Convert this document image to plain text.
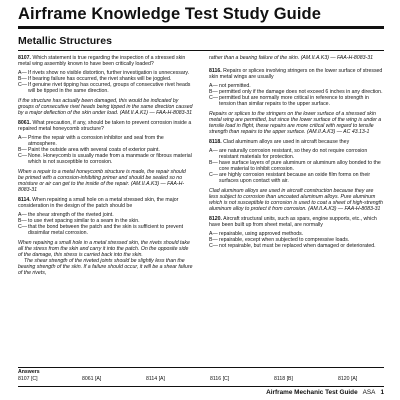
Airframe Knowledge Test Study Guide
Metallic Structures
8107. Which statement is true regarding the inspection of a stressed skin metal wing assembly known to have been critically loaded?
A— If rivets show no visible distortion, further investigation is unnecessary.
B— If bearing failure has occurred, the rivet shanks will be joggled.
C— If genuine rivet tipping has occurred, groups of consecutive rivet heads will be tipped in the same direction.
If the structure has actually been damaged, this would be indicated by groups of consecutive rivet heads being tipped in the same direction caused by a major deflection of the skin under load. (AM.II.A.K1) — FAA-H-8083-31
8061. What precaution, if any, should be taken to prevent corrosion inside a repaired metal honeycomb structure?
A— Prime the repair with a corrosion inhibitor and seal from the atmosphere.
B— Paint the outside area with several coats of exterior paint.
C— None. Honeycomb is usually made from a manmade or fibrous material which is not susceptible to corrosion.
When a repair to a metal honeycomb structure is made, the repair should be primed with a corrosion-inhibiting primer and should be sealed so no moisture or air can get to the inside of the repair. (AM.II.A.K3) — FAA-H-8083-31
8114. When repairing a small hole on a metal stressed skin, the major consideration in the design of the patch should be
A— the shear strength of the riveted joint.
B— to use rivet spacing similar to a seam in the skin.
C— that the bond between the patch and the skin is sufficient to prevent dissimilar metal corrosion.
When repairing a small hole in a metal stressed skin, the rivets should take all the stress from the skin and carry it into the patch. On the opposite side of the damage, this stress is carried back into the skin.
The shear strength of the riveted joints should be slightly less than the bearing strength of the skin. If a failure should occur, it will be a shear failure of the rivets,
rather than a bearing failure of the skin. (AM.II.A.K3) — FAA-H-8083-31
8116. Repairs or splices involving stringers on the lower surface of stressed skin metal wings are usually
A— not permitted.
B— permitted only if the damage does not exceed 6 inches in any direction.
C— permitted but are normally more critical in reference to strength in tension than similar repairs to the upper surface.
Repairs or splices to the stringers on the lower surface of a stressed skin metal wing are permitted, but since the lower surface of the wing is under a tensile load in flight, these repairs are more critical with regard to tensile strength than repairs to the upper surface. (AM.II.A.K3) — AC 43.13-1
8118. Clad aluminum alloys are used in aircraft because they
A— are naturally corrosion resistant, so they do not require corrosion resistant materials for protection.
B— have surface layers of pure aluminum or aluminum alloy bonded to the core material to inhibit corrosion.
C— are highly corrosion resistant because an oxide film forms on their surfaces upon contact with air.
Clad aluminum alloys are used in aircraft construction because they are less subject to corrosion than uncoated aluminum alloys. Pure aluminum which is not susceptible to corrosion is used to coat a sheet of high-strength aluminum alloy to protect it from corrosion. (AM.II.A.K3) — FAA-H-8083-31
8120. Aircraft structural units, such as spars, engine supports, etc., which have been built up from sheet metal, are normally
A— repairable, using approved methods.
B— repairable, except when subjected to compressive loads.
C— not repairable, but must be replaced when damaged or deteriorated.
Answers
8107 [C]	8061 [A]	8114 [A]	8116 [C]	8118 [B]	8120 [A]
Airframe Mechanic Test Guide ASA 1
